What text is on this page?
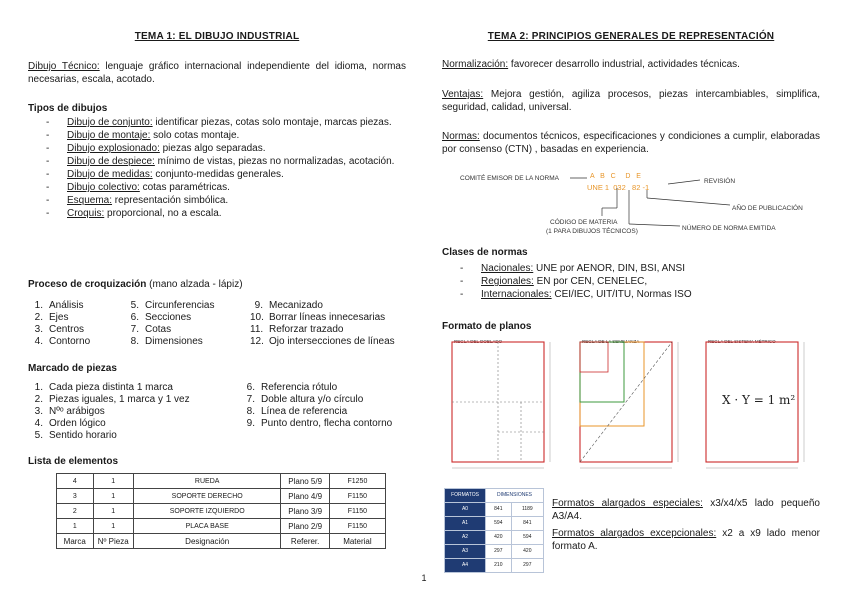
TEMA 1: EL DIBUJO INDUSTRIAL
Dibujo Técnico: lenguaje gráfico internacional independiente del idioma, normas necesarias, escala, acotado.
Tipos de dibujos
- Dibujo de conjunto: identificar piezas, cotas solo montaje, marcas piezas.
- Dibujo de montaje: solo cotas montaje.
- Dibujo explosionado: piezas algo separadas.
- Dibujo de despiece: mínimo de vistas, piezas no normalizadas, acotación.
- Dibujo de medidas: conjunto-medidas generales.
- Dibujo colectivo: cotas paramétricas.
- Esquema: representación simbólica.
- Croquis: proporcional, no a escala.
Proceso de croquización (mano alzada - lápiz)
1. Análisis
2. Ejes
3. Centros
4. Contorno
5. Circunferencias
6. Secciones
7. Cotas
8. Dimensiones
9. Mecanizado
10. Borrar líneas innecesarias
11. Reforzar trazado
12. Ojo intersecciones de líneas
Marcado de piezas
1. Cada pieza distinta 1 marca
2. Piezas iguales, 1 marca y 1 vez
3. Nºᵒ arábigos
4. Orden lógico
5. Sentido horario
6. Referencia rótulo
7. Doble altura y/o círculo
8. Línea de referencia
9. Punto dentro, flecha contorno
Lista de elementos
4	1	RUEDA	Plano 5/9	F1250
3	1	SOPORTE DERECHO	Plano 4/9	F1150
2	1	SOPORTE IZQUIERDO	Plano 3/9	F1150
1	1	PLACA BASE	Plano 2/9	F1150
Marca	Nº Pieza	Designación	Referer.	Material
TEMA 2: PRINCIPIOS GENERALES DE REPRESENTACIÓN
Normalización: favorecer desarrollo industrial, actividades técnicas.
Ventajas: Mejora gestión, agiliza procesos, piezas intercambiables, simplifica, seguridad, calidad, universal.
Normas: documentos técnicos, especificaciones y condiciones a cumplir, elaboradas por consenso (CTN) , basadas en experiencia.
COMITÉ EMISOR DE LA NORMA	A   B   C     D   E
UNE 1  032   82 -1
REVISIÓN
AÑO DE PUBLICACIÓN
CÓDIGO DE MATERIA
(1 PARA DIBUJOS TÉCNICOS)	NÚMERO DE NORMA EMITIDA
Clases de normas
- Nacionales: UNE por AENOR, DIN, BSI, ANSI
- Regionales: EN por CEN, CENELEC,
- Internacionales: CEI/IEC, UIT/ITU, Normas ISO
Formato de planos
REGLA DEL DOBLADO	REGLA DE LA SEMEJANZA	REGLA DEL SISTEMA MÉTRICO
X · Y = 1 m²
FORMATOS	DIMENSIONES	
A0	841	1189
A1	594	841
A2	420	594
A3	297	420
A4	210	297
Formatos alargados especiales: x3/x4/x5 lado pequeño A3/A4.
Formatos alargados excepcionales: x2 a x9 lado menor formato A.
1
